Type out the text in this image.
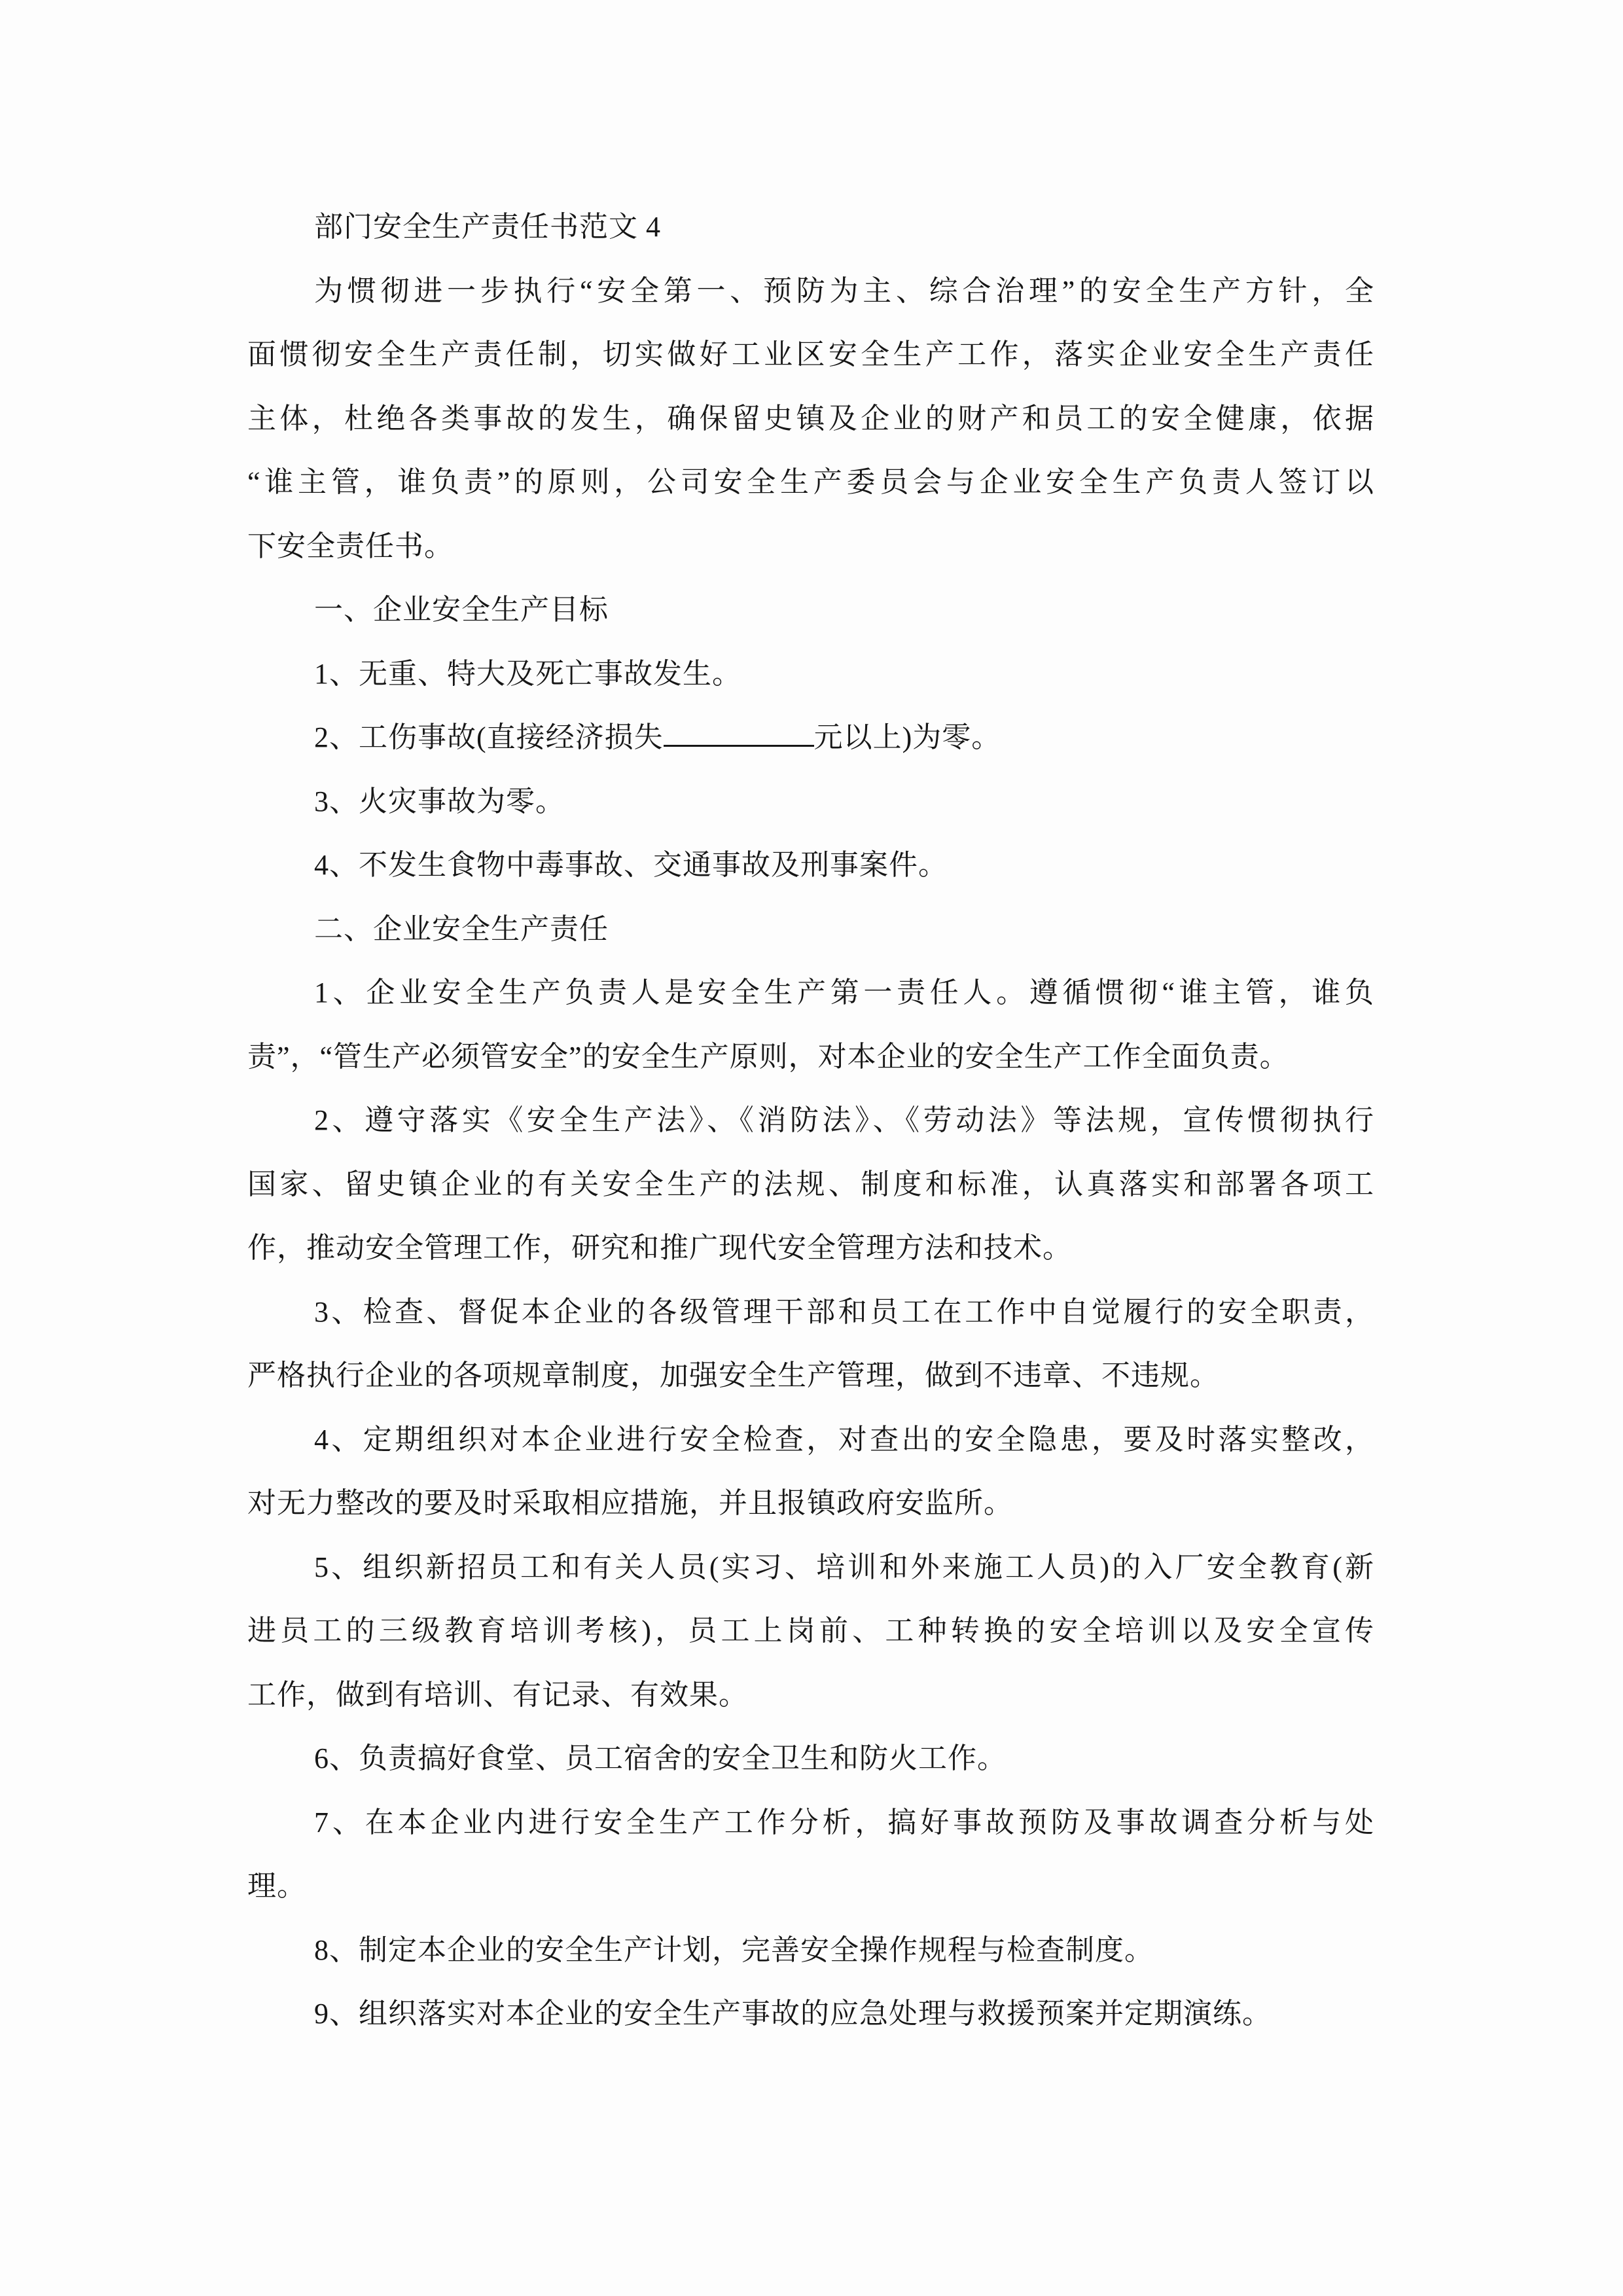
部门安全生产责任书范文 4
为惯彻进一步执行“安全第一、预防为主、综合治理”的安全生产方针，全
面惯彻安全生产责任制，切实做好工业区安全生产工作，落实企业安全生产责任
主体，杜绝各类事故的发生，确保留史镇及企业的财产和员工的安全健康，依据
“谁主管，谁负责”的原则，公司安全生产委员会与企业安全生产负责人签订以
下安全责任书。
一、企业安全生产目标
1、无重、特大及死亡事故发生。
2、工伤事故(直接经济损失	元以上)为零。
3、火灾事故为零。
4、不发生食物中毒事故、交通事故及刑事案件。
二、企业安全生产责任
1、企业安全生产负责人是安全生产第一责任人。遵循惯彻“谁主管，谁负
责”，“管生产必须管安全”的安全生产原则，对本企业的安全生产工作全面负责。
2、遵守落实《安全生产法》、《消防法》、《劳动法》等法规，宣传惯彻执行
国家、留史镇企业的有关安全生产的法规、制度和标准，认真落实和部署各项工
作，推动安全管理工作，研究和推广现代安全管理方法和技术。
3、检查、督促本企业的各级管理干部和员工在工作中自觉履行的安全职责，
严格执行企业的各项规章制度，加强安全生产管理，做到不违章、不违规。
4、定期组织对本企业进行安全检查，对查出的安全隐患，要及时落实整改，
对无力整改的要及时采取相应措施，并且报镇政府安监所。
5、组织新招员工和有关人员(实习、培训和外来施工人员)的入厂安全教育(新
进员工的三级教育培训考核)，员工上岗前、工种转换的安全培训以及安全宣传
工作，做到有培训、有记录、有效果。
6、负责搞好食堂、员工宿舍的安全卫生和防火工作。
7、在本企业内进行安全生产工作分析，搞好事故预防及事故调查分析与处
理。
8、制定本企业的安全生产计划，完善安全操作规程与检查制度。
9、组织落实对本企业的安全生产事故的应急处理与救援预案并定期演练。
